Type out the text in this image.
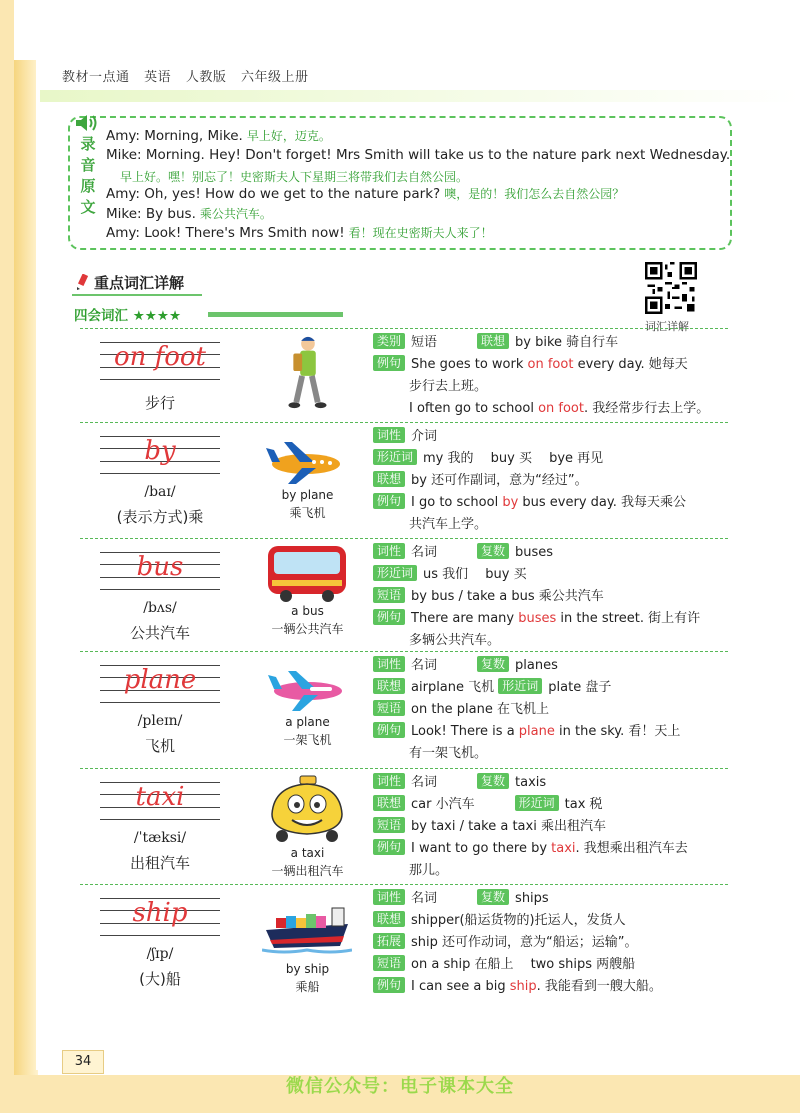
教材一点通 英语 人教版 六年级上册
录
音
原
文
Amy: Morning, Mike. 早上好，迈克。
Mike: Morning. Hey! Don't forget! Mrs Smith will take us to the nature park next Wednesday.
早上好。嘿！别忘了！史密斯夫人下星期三将带我们去自然公园。
Amy: Oh, yes! How do we get to the nature park? 噢，是的！我们怎么去自然公园？
Mike: By bus. 乘公共汽车。
Amy: Look! There's Mrs Smith now! 看！现在史密斯夫人来了！
重点词汇详解
四会词汇 ★★★★
词汇详解
on foot
步行
类别 短语	联想 by bike 骑自行车
例句 She goes to work on foot every day. 她每天
步行去上班。
I often go to school on foot. 我经常步行去上学。
by
/baɪ/
(表示方式)乘
by plane
乘飞机
词性 介词
形近词 my 我的　 buy 买　 bye 再见
联想 by 还可作副词，意为“经过”。
例句 I go to school by bus every day. 我每天乘公
共汽车上学。
bus
/bʌs/
公共汽车
a bus
一辆公共汽车
词性 名词	复数 buses
形近词 us 我们　 buy 买
短语 by bus / take a bus 乘公共汽车
例句 There are many buses in the street. 街上有许
多辆公共汽车。
plane
/pleɪn/
飞机
a plane
一架飞机
词性 名词	复数 planes
联想 airplane 飞机 形近词 plate 盘子
短语 on the plane 在飞机上
例句 Look! There is a plane in the sky. 看！天上
有一架飞机。
taxi
/ˈtæksi/
出租汽车
a taxi
一辆出租汽车
词性 名词	复数 taxis
联想 car 小汽车	形近词 tax 税
短语 by taxi / take a taxi 乘出租汽车
例句 I want to go there by taxi. 我想乘出租汽车去
那儿。
ship
/ʃɪp/
(大)船
by ship
乘船
词性 名词	复数 ships
联想 shipper(船运货物的)托运人，发货人
拓展 ship 还可作动词，意为“船运；运输”。
短语 on a ship 在船上　 two ships 两艘船
例句 I can see a big ship. 我能看到一艘大船。
34
微信公众号：电子课本大全
